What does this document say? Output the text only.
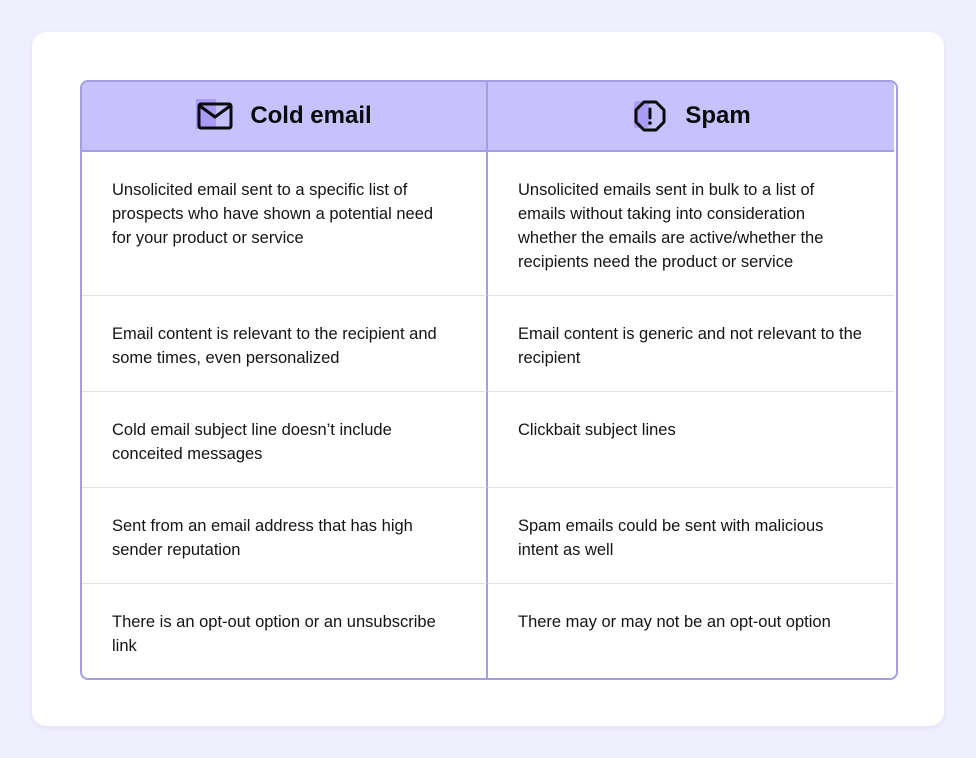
Cold email	Spam
Unsolicited email sent to a specific list of prospects who have shown a potential need for your product or service
Unsolicited emails sent in bulk to a list of emails without taking into consideration whether the emails are active/whether the recipients need the product or service
Email content is relevant to the recipient and some times, even personalized
Email content is generic and not relevant to the recipient
Cold email subject line doesn’t include conceited messages
Clickbait subject lines
Sent from an email address that has high sender reputation
Spam emails could be sent with malicious intent as well
There is an opt-out option or an unsubscribe link
There may or may not be an opt-out option
